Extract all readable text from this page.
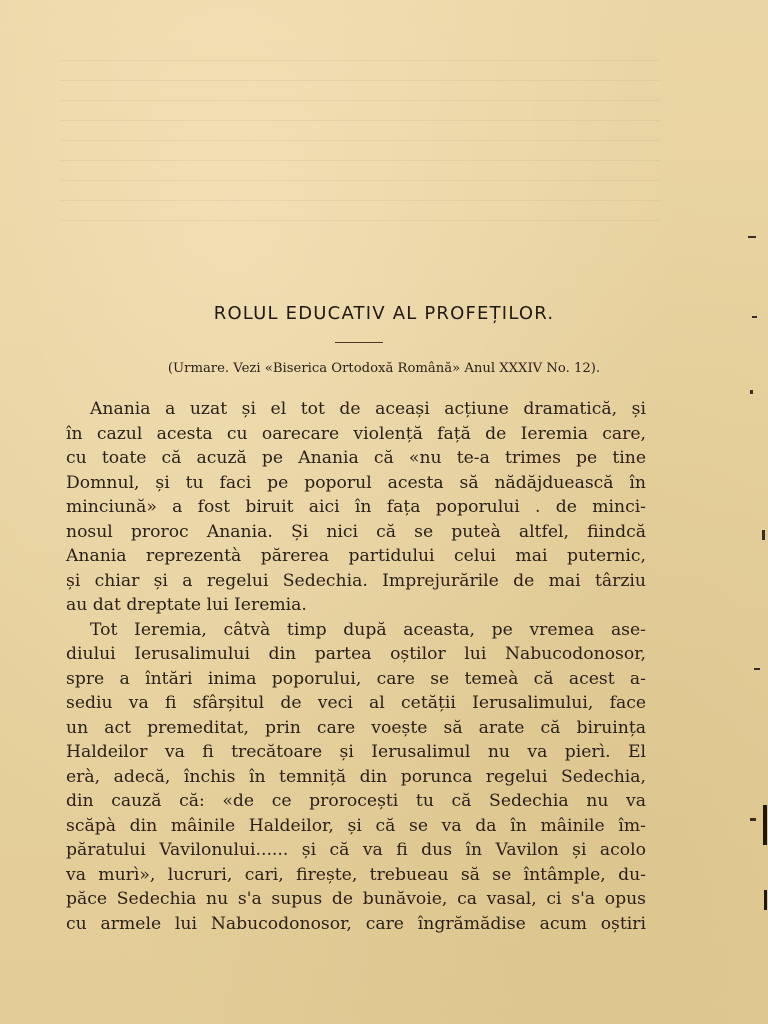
ROLUL EDUCATIV AL PROFEȚILOR.
(Urmare. Vezi «Biserica Ortodoxă Română» Anul XXXIV No. 12).
Anania a uzat și el tot de aceași acțiune dramatică, și
în cazul acesta cu oarecare violență față de Ieremia care,
cu toate că acuză pe Anania că «nu te-a trimes pe tine
Domnul, și tu faci pe poporul acesta să nădăjduească în
minciună» a fost biruit aici în fața poporului . de minci-
nosul proroc Anania. Și nici că se puteà altfel, fiindcă
Anania reprezentà părerea partidului celui mai puternic,
și chiar și a regelui Sedechia. Imprejurările de mai târziu
au dat dreptate lui Ieremia.
Tot Ieremia, câtvà timp după aceasta, pe vremea ase-
diului Ierusalimului din partea oștilor lui Nabucodonosor,
spre a întări inima poporului, care se temeà că acest a-
sediu va fi sfârșitul de veci al cetății Ierusalimului, face
un act premeditat, prin care voește să arate că biruința
Haldeilor va fi trecătoare și Ierusalimul nu va pierì. El
erà, adecă, închis în temniță din porunca regelui Sedechia,
din cauză că: «de ce prorocești tu că Sedechia nu va
scăpà din mâinile Haldeilor, și că se va da în mâinile îm-
păratului Vavilonului...... și că va fi dus în Vavilon și acolo
va murì», lucruri, cari, firește, trebueau să se întâmple, du-
păce Sedechia nu s'a supus de bunăvoie, ca vasal, ci s'a opus
cu armele lui Nabucodonosor, care îngrămădise acum oștiri
